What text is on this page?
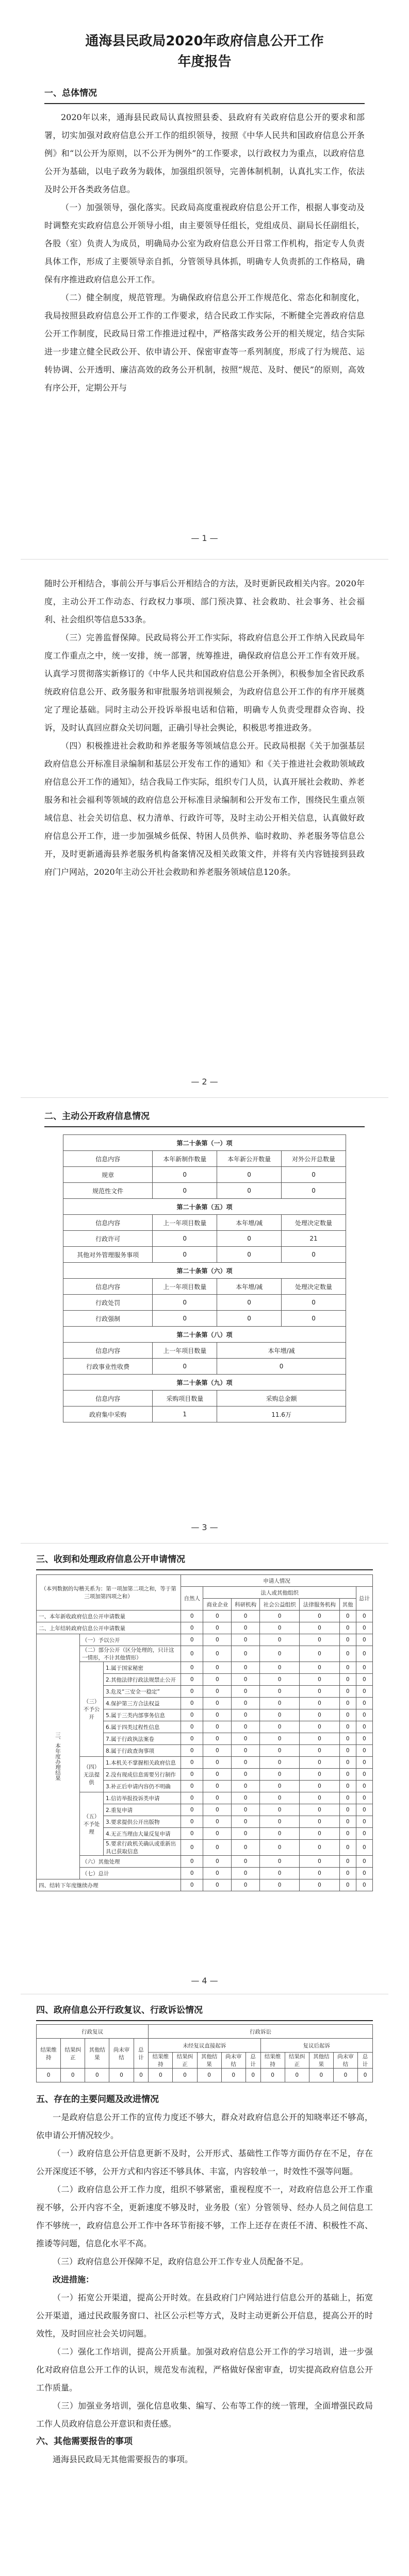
通海县民政局2020年政府信息公开工作
年度报告
一、总体情况

2020年以来，通海县民政局认真按照县委、县政府有关政府信息公开的要求和部署，切实加强对政府信息公开工作的组织领导，按照《中华人民共和国政府信息公开条例》和“以公开为原则，以不公开为例外”的工作要求，以行政权力为重点，以政府信息公开为基础，以电子政务为载体，加强组织领导，完善体制机制，认真扎实工作，依法及时公开各类政务信息。

（一）加强领导，强化落实。民政局高度重视政府信息公开工作，根据人事变动及时调整充实政府信息公开领导小组，由主要领导任组长，党组成员、副局长任副组长，各股（室）负责人为成员，明确局办公室为政府信息公开日常工作机构，指定专人负责具体工作，形成了主要领导亲自抓，分管领导具体抓，明确专人负责抓的工作格局，确保有序推进政府信息公开工作。

（二）健全制度，规范管理。为确保政府信息公开工作规范化、常态化和制度化，我局按照县政府信息公开工作的工作要求，结合民政工作实际，不断健全完善政府信息公开工作制度，民政局日常工作推进过程中，严格落实政务公开的相关规定，结合实际进一步建立健全民政公开、依申请公开、保密审查等一系列制度，形成了行为规范、运转协调、公开透明、廉洁高效的政务公开机制，按照“规范、及时、便民”的原则，高效有序公开，定期公开与

— 1 —

随时公开相结合，事前公开与事后公开相结合的方法，及时更新民政相关内容。2020年度，主动公开工作动态、行政权力事项、部门预决算、社会救助、社会事务、社会福利、社会组织等信息533条。

（三）完善监督保障。民政局将公开工作实际，将政府信息公开工作纳入民政局年度工作重点之中，统一安排，统一部署，统筹推进，确保政府信息公开工作有效开展。认真学习贯彻落实新修订的《中华人民共和国政府信息公开条例》，积极参加全省民政系统政府信息公开、政务服务和审批服务培训视频会，为政府信息公开工作的有序开展奠定了理论基础。同时主动公开投诉举报电话和信箱，明确专人负责受理群众咨询、投诉，及时认真回应群众关切问题，正确引导社会舆论，积极思考推进政务。

（四）积极推进社会救助和养老服务等领域信息公开。民政局根据《关于加强基层政府信息公开标准目录编制和基层公开发布工作的通知》和《关于推进社会救助领域政府信息公开工作的通知》，结合我局工作实际，组织专门人员，认真开展社会救助、养老服务和社会福利等领域的政府信息公开标准目录编制和公开发布工作，围绕民生重点领域信息、社会关切信息、权力清单、行政许可等，及时主动公开相关信息，认真做好政府信息公开工作，进一步加强城乡低保、特困人员供养、临时救助、养老服务等信息公开，及时更新通海县养老服务机构备案情况及相关政策文件，并将有关内容链接到县政府门户网站，2020年主动公开社会救助和养老服务领域信息120条。

— 2 —
二、主动公开政府信息情况
第二十条第（一）项			
信息内容	本年新制作数量	本年新公开数量	对外公开总数量
规章	0	0	0
规范性文件	0	0	0
第二十条第（五）项			
信息内容	上一年项目数量	本年增/减	处理决定数量
行政许可	0	0	21
其他对外管理服务事项	0	0	0
第二十条第（六）项			
信息内容	上一年项目数量	本年增/减	处理决定数量
行政处罚	0	0	0
行政强制	0	0	0
第二十条第（八）项			
信息内容	上一年项目数量	本年增/减	
行政事业性收费	0	0	
第二十条第（九）项			
信息内容	采购项目数量	采购总金额	
政府集中采购	1	11.6万	
— 3 —
三、收到和处理政府信息公开申请情况
（本列数据的勾稽关系为：第一项加第二项之和，等于第三项加第四项之和）			申请人情况						
			自然人	法人或其他组织					总计
				商业企业	科研机构	社会公益组织	法律服务机构	其他	
一、本年新收政府信息公开申请数量			0	0	0	0	0	0	0
二、上年结转政府信息公开申请数量			0	0	0	0	0	0	0
三、本年度办理结果	（一）予以公开		0	0	0	0	0	0	0
	（二）部分公开（区分处理的，只计这一情形，不计其他情形）		0	0	0	0	0	0	0
	（三）不予公开	1.属于国家秘密	0	0	0	0	0	0	0
		2.其他法律行政法规禁止公开	0	0	0	0	0	0	0
		3.危及“三安全一稳定”	0	0	0	0	0	0	0
		4.保护第三方合法权益	0	0	0	0	0	0	0
		5.属于三类内部事务信息	0	0	0	0	0	0	0
		6.属于四类过程性信息	0	0	0	0	0	0	0
		7.属于行政执法案卷	0	0	0	0	0	0	0
		8.属于行政查询事项	0	0	0	0	0	0	0
	（四）无法提供	1.本机关不掌握相关政府信息	0	0	0	0	0	0	0
		2.没有现成信息需要另行制作	0	0	0	0	0	0	0
		3.补正后申请内容仍不明确	0	0	0	0	0	0	0
	（五）不予处理	1.信访举报投诉类申请	0	0	0	0	0	0	0
		2.重复申请	0	0	0	0	0	0	0
		3.要求提供公开出版物	0	0	0	0	0	0	0
		4.无正当理由大量反复申请	0	0	0	0	0	0	0
		5.要求行政机关确认或重新出具已获取信息	0	0	0	0	0	0	0
	（六）其他处理		0	0	0	0	0	0	0
	（七）总计		0	0	0	0	0	0	0
四、结转下年度继续办理			0	0	0	0	0	0	0
— 4 —
四、政府信息公开行政复议、行政诉讼情况
行政复议					行政诉讼									
结果维持	结果纠正	其他结果	尚未审结	总计	未经复议直接起诉					复议后起诉				
					结果维持	结果纠正	其他结果	尚未审结	总计	结果维持	结果纠正	其他结果	尚未审结	总计
0	0	0	0	0	0	0	0	0	0	0	0	0	0	0
五、存在的主要问题及改进情况

一是政府信息公开工作的宣传力度还不够大，群众对政府信息公开的知晓率还不够高，依申请公开情况较少。

（一）政府信息公开信息更新不及时，公开形式、基础性工作等方面仍存在不足，存在公开深度还不够，公开方式和内容还不够具体、丰富，内容较单一，时效性不强等问题。

（二）政府信息公开工作力度，组织不够紧密，重视程度不一，对政府信息公开工作重视不够，公开内容不全，更新速度不够及时，业务股（室）分管领导、经办人员之间信息工作不够统一，政府信息公开工作中各环节衔接不够，工作上还存在责任不清、积极性不高、推诿等问题，信息化水平不高。

（三）政府信息公开保障不足，政府信息公开工作专业人员配备不足。

改进措施：

（一）拓宽公开渠道，提高公开时效。在县政府门户网站进行信息公开的基础上，拓宽公开渠道，通过民政服务窗口、社区公示栏等方式，及时主动更新公开信息，提高公开的时效性，及时回应社会关切问题。

（二）强化工作培训，提高公开质量。加强对政府信息公开工作的学习培训，进一步强化对政府信息公开工作的认识，规范发布流程，严格做好保密审查，切实提高政府信息公开工作质量。

（三）加强业务培训，强化信息收集、编写、公布等工作的统一管理，全面增强民政局工作人员政府信息公开意识和责任感。

六、其他需要报告的事项

通海县民政局无其他需要报告的事项。
